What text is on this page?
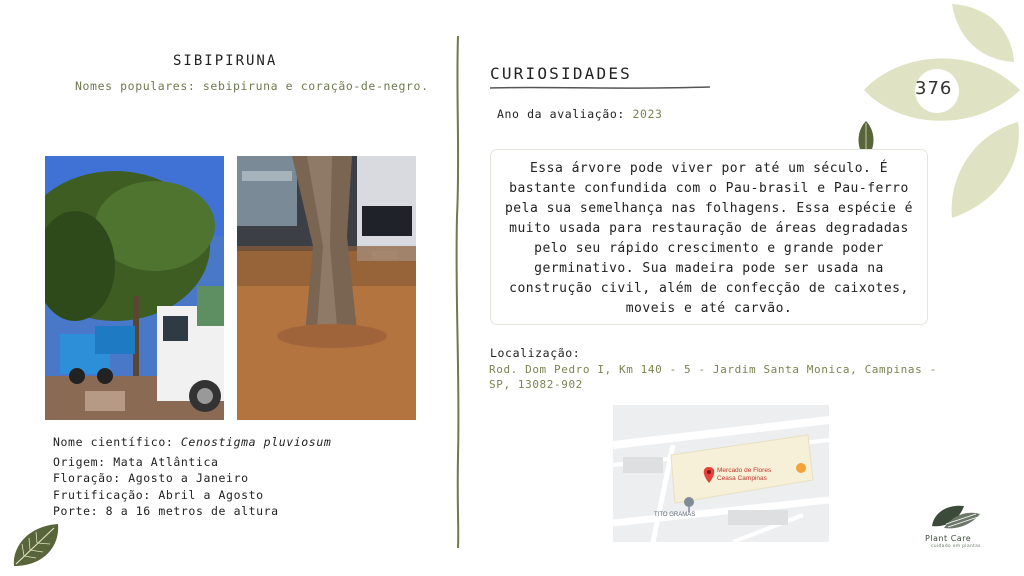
SIBIPIRUNA
Nomes populares: sebipiruna e coração-de-negro.
Nome científico: Cenostigma pluviosum
Origem: Mata Atlântica
Floração: Agosto a Janeiro
Frutificação: Abril a Agosto
Porte: 8 a 16 metros de altura
CURIOSIDADES
Ano da avaliação: 2023
Essa árvore pode viver por até um século. É bastante confundida com o Pau-brasil e Pau-ferro pela sua semelhança nas folhagens. Essa espécie é muito usada para restauração de áreas degradadas pelo seu rápido crescimento e grande poder germinativo. Sua madeira pode ser usada na construção civil, além de confecção de caixotes, moveis e até carvão.
Localização:
Rod. Dom Pedro I, Km 140 - 5 - Jardim Santa Monica, Campinas - SP, 13082-902
Mercado de Flores
Ceasa Campinas
TITO GRAMAS
376
Plant Care
cuidado em plantas
